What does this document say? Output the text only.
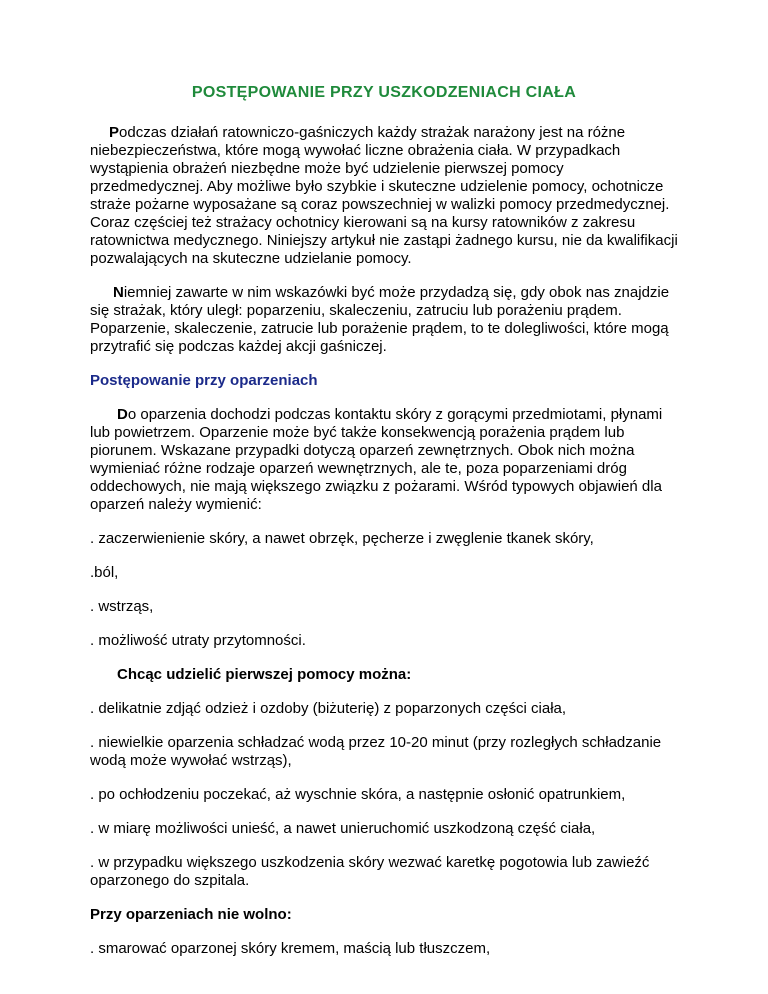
POSTĘPOWANIE PRZY USZKODZENIACH CIAŁA

Podczas działań ratowniczo-gaśniczych każdy strażak narażony jest na różne niebezpieczeństwa, które mogą wywołać liczne obrażenia ciała. W przypadkach wystąpienia obrażeń niezbędne może być udzielenie pierwszej pomocy przedmedycznej. Aby możliwe było szybkie i skuteczne udzielenie pomocy, ochotnicze straże pożarne wyposażane są coraz powszechniej w walizki pomocy przedmedycznej. Coraz częściej też strażacy ochotnicy kierowani są na kursy ratowników z zakresu ratownictwa medycznego. Niniejszy artykuł nie zastąpi żadnego kursu, nie da kwalifikacji pozwalających na skuteczne udzielanie pomocy.

Niemniej zawarte w nim wskazówki być może przydadzą się, gdy obok nas znajdzie się strażak, który uległ: poparzeniu, skaleczeniu, zatruciu lub porażeniu prądem. Poparzenie, skaleczenie, zatrucie lub porażenie prądem, to te dolegliwości, które mogą przytrafić się podczas każdej akcji gaśniczej.

Postępowanie przy oparzeniach

Do oparzenia dochodzi podczas kontaktu skóry z gorącymi przedmiotami, płynami lub powietrzem. Oparzenie może być także konsekwencją porażenia prądem lub piorunem. Wskazane przypadki dotyczą oparzeń zewnętrznych. Obok nich można wymieniać różne rodzaje oparzeń wewnętrznych, ale te, poza poparzeniami dróg oddechowych, nie mają większego związku z pożarami. Wśród typowych objawień dla oparzeń należy wymienić:

. zaczerwienienie skóry, a nawet obrzęk, pęcherze i zwęglenie tkanek skóry,

.ból,

. wstrząs,

. możliwość utraty przytomności.

Chcąc udzielić pierwszej pomocy można:

. delikatnie zdjąć odzież i ozdoby (biżuterię) z poparzonych części ciała,

. niewielkie oparzenia schładzać wodą przez 10-20 minut (przy rozległych schładzanie wodą może wywołać wstrząs),

. po ochłodzeniu poczekać, aż wyschnie skóra, a następnie osłonić opatrunkiem,

. w miarę możliwości unieść, a nawet unieruchomić uszkodzoną część ciała,

. w przypadku większego uszkodzenia skóry wezwać karetkę pogotowia lub zawieźć oparzonego do szpitala.

Przy oparzeniach nie wolno:

. smarować oparzonej skóry kremem, maścią lub tłuszczem,
